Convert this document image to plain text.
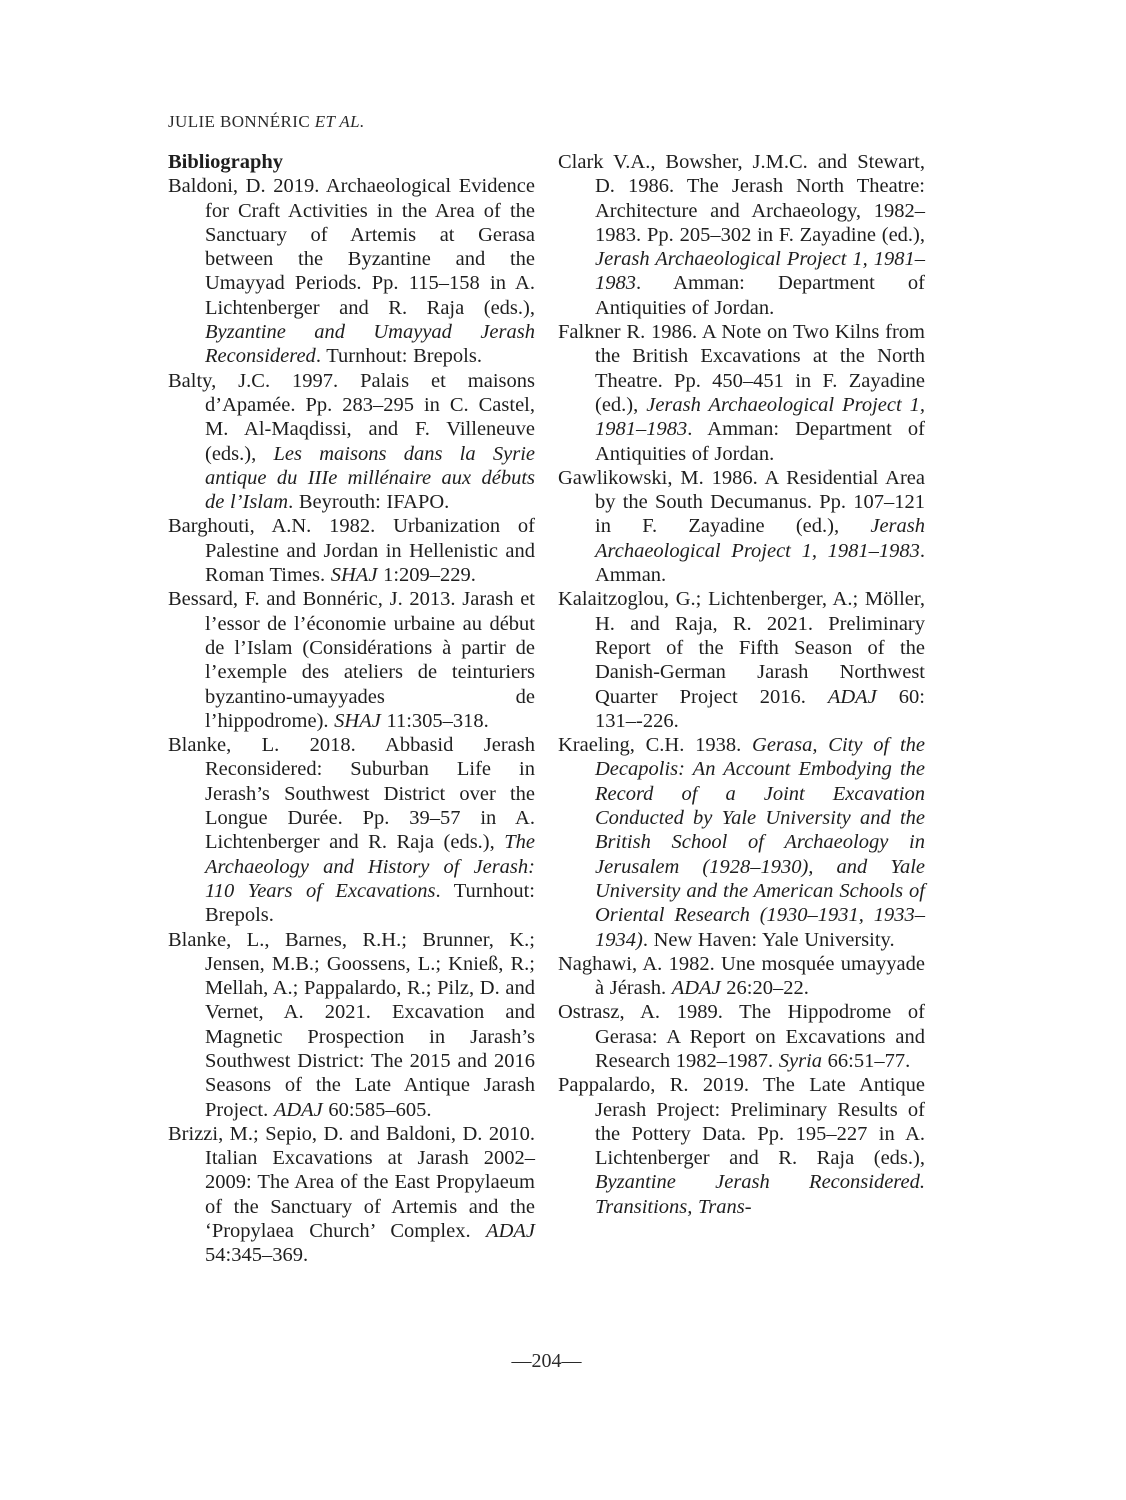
JULIE BONNÉRIC ET AL.

Bibliography

Baldoni, D. 2019. Archaeological Evidence for Craft Activities in the Area of the Sanctuary of Artemis at Gerasa between the Byzantine and the Umayyad Periods. Pp. 115–158 in A. Lichtenberger and R. Raja (eds.), Byzantine and Umayyad Jerash Reconsidered. Turnhout: Brepols.

Balty, J.C. 1997. Palais et maisons d’Apamée. Pp. 283–295 in C. Castel, M. Al-Maqdissi, and F. Villeneuve (eds.), Les maisons dans la Syrie antique du IIIe millénaire aux débuts de l’Islam. Beyrouth: IFAPO.

Barghouti, A.N. 1982. Urbanization of Palestine and Jordan in Hellenistic and Roman Times. SHAJ 1:209–229.

Bessard, F. and Bonnéric, J. 2013. Jarash et l’essor de l’économie urbaine au début de l’Islam (Considérations à partir de l’exemple des ateliers de teinturiers byzantino-umayyades de l’hippodrome). SHAJ 11:305–318.

Blanke, L. 2018. Abbasid Jerash Reconsidered: Suburban Life in Jerash’s Southwest District over the Longue Durée. Pp. 39–57 in A. Lichtenberger and R. Raja (eds.), The Archaeology and History of Jerash: 110 Years of Excavations. Turnhout: Brepols.

Blanke, L., Barnes, R.H.; Brunner, K.; Jensen, M.B.; Goossens, L.; Knieß, R.; Mellah, A.; Pappalardo, R.; Pilz, D. and Vernet, A. 2021. Excavation and Magnetic Prospection in Jarash’s Southwest District: The 2015 and 2016 Seasons of the Late Antique Jarash Project. ADAJ 60:585–605.

Brizzi, M.; Sepio, D. and Baldoni, D. 2010. Italian Excavations at Jarash 2002–2009: The Area of the East Propylaeum of the Sanctuary of Artemis and the ‘Propylaea Church’ Complex. ADAJ 54:345–369.

Clark V.A., Bowsher, J.M.C. and Stewart, D. 1986. The Jerash North Theatre: Architecture and Archaeology, 1982–1983. Pp. 205–302 in F. Zayadine (ed.), Jerash Archaeological Project 1, 1981–1983. Amman: Department of Antiquities of Jordan.

Falkner R. 1986. A Note on Two Kilns from the British Excavations at the North Theatre. Pp. 450–451 in F. Zayadine (ed.), Jerash Archaeological Project 1, 1981–1983. Amman: Department of Antiquities of Jordan.

Gawlikowski, M. 1986. A Residential Area by the South Decumanus. Pp. 107–121 in F. Zayadine (ed.), Jerash Archaeological Project 1, 1981–1983. Amman.

Kalaitzoglou, G.; Lichtenberger, A.; Möller, H. and Raja, R. 2021. Preliminary Report of the Fifth Season of the Danish-German Jarash Northwest Quarter Project 2016. ADAJ 60: 131–-226.

Kraeling, C.H. 1938. Gerasa, City of the Decapolis: An Account Embodying the Record of a Joint Excavation Conducted by Yale University and the British School of Archaeology in Jerusalem (1928–1930), and Yale University and the American Schools of Oriental Research (1930–1931, 1933–1934). New Haven: Yale University.

Naghawi, A. 1982. Une mosquée umayyade à Jérash. ADAJ 26:20–22.

Ostrasz, A. 1989. The Hippodrome of Gerasa: A Report on Excavations and Research 1982–1987. Syria 66:51–77.

Pappalardo, R. 2019. The Late Antique Jerash Project: Preliminary Results of the Pottery Data. Pp. 195–227 in A. Lichtenberger and R. Raja (eds.), Byzantine Jerash Reconsidered. Transitions, Trans-

—204—
